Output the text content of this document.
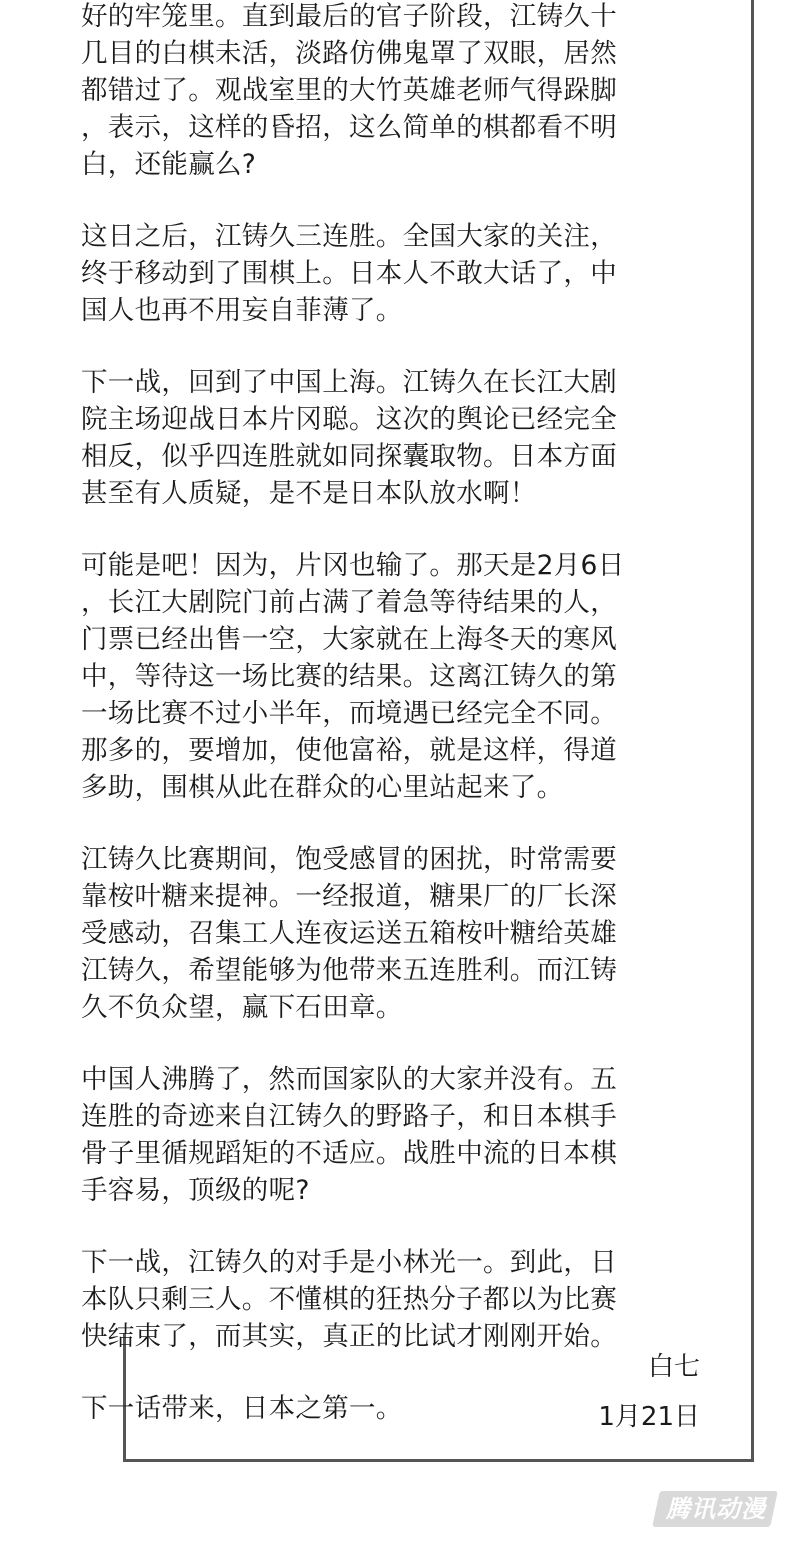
好的牢笼里。直到最后的官子阶段，江铸久十
几目的白棋未活，淡路仿佛鬼罩了双眼，居然
都错过了。观战室里的大竹英雄老师气得跺脚
，表示，这样的昏招，这么简单的棋都看不明
白，还能赢么?

这日之后，江铸久三连胜。全国大家的关注，
终于移动到了围棋上。日本人不敢大话了，中
国人也再不用妄自菲薄了。

下一战，回到了中国上海。江铸久在长江大剧
院主场迎战日本片冈聪。这次的舆论已经完全
相反，似乎四连胜就如同探囊取物。日本方面
甚至有人质疑，是不是日本队放水啊！

可能是吧！因为，片冈也输了。那天是2月6日
，长江大剧院门前占满了着急等待结果的人，
门票已经出售一空，大家就在上海冬天的寒风
中，等待这一场比赛的结果。这离江铸久的第
一场比赛不过小半年，而境遇已经完全不同。
那多的，要增加，使他富裕，就是这样，得道
多助，围棋从此在群众的心里站起来了。

江铸久比赛期间，饱受感冒的困扰，时常需要
靠桉叶糖来提神。一经报道，糖果厂的厂长深
受感动，召集工人连夜运送五箱桉叶糖给英雄
江铸久，希望能够为他带来五连胜利。而江铸
久不负众望，赢下石田章。

中国人沸腾了，然而国家队的大家并没有。五
连胜的奇迹来自江铸久的野路子，和日本棋手
骨子里循规蹈矩的不适应。战胜中流的日本棋
手容易，顶级的呢?

下一战，江铸久的对手是小林光一。到此，日
本队只剩三人。不懂棋的狂热分子都以为比赛
快结束了，而其实，真正的比试才刚刚开始。

下一话带来，日本之第一。

白七
1月21日
腾讯动漫
